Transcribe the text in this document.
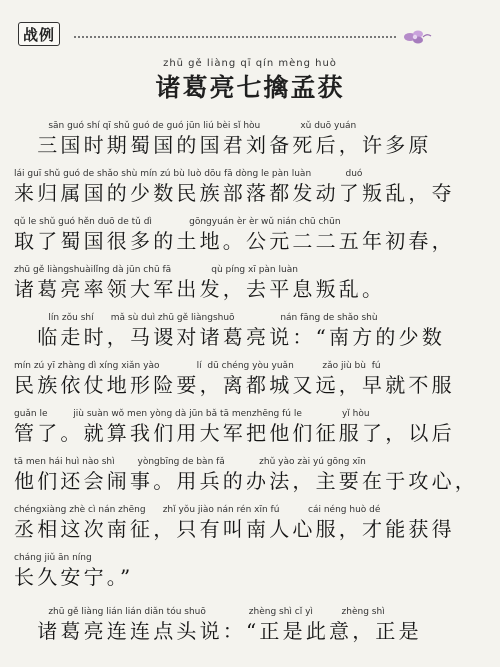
战例
zhū gě liàng qī qín mèng huò
诸葛亮七擒孟获
sān guó shí qī shǔ guó de guó jūn liú bèi sǐ hòu              xǔ duō yuán
　三国时期蜀国的国君刘备死后，许多原
lái guī shǔ guó de shǎo shù mín zú bù luò dōu fā dòng le pàn luàn            duó
来归属国的少数民族部落都发动了叛乱，夺
qǔ le shǔ guó hěn duō de tǔ dì             gōngyuán èr èr wǔ nián chū chūn
取了蜀国很多的土地。公元二二五年初春，
zhū gě liàngshuàilǐng dà jūn chū fā              qù píng xī pàn luàn
诸葛亮率领大军出发，去平息叛乱。
lín zǒu shí      mǎ sù duì zhū gě liàngshuō                nán fāng de shǎo shù
　临走时，马谡对诸葛亮说：“南方的少数
mín zú yī zhàng dì xíng xiǎn yào             lí  dū chéng yòu yuǎn          zǎo jiù bù  fú
民族依仗地形险要，离都城又远，早就不服
guǎn le         jiù suàn wǒ men yòng dà jūn bǎ tā menzhēng fú le              yǐ hòu
管了。就算我们用大军把他们征服了，以后
tā men hái huì nào shì        yòngbīng de bàn fǎ            zhǔ yào zài yú gōng xīn
他们还会闹事。用兵的办法，主要在于攻心，
chéngxiàng zhè cì nán zhēng      zhǐ yǒu jiào nán rén xīn fú          cái néng huò dé
丞相这次南征，只有叫南人心服，才能获得
cháng jiǔ ān níng
长久安宁。”
zhū gě liàng lián lián diǎn tóu shuō               zhèng shì cǐ yì          zhèng shì
　诸葛亮连连点头说：“正是此意，正是
